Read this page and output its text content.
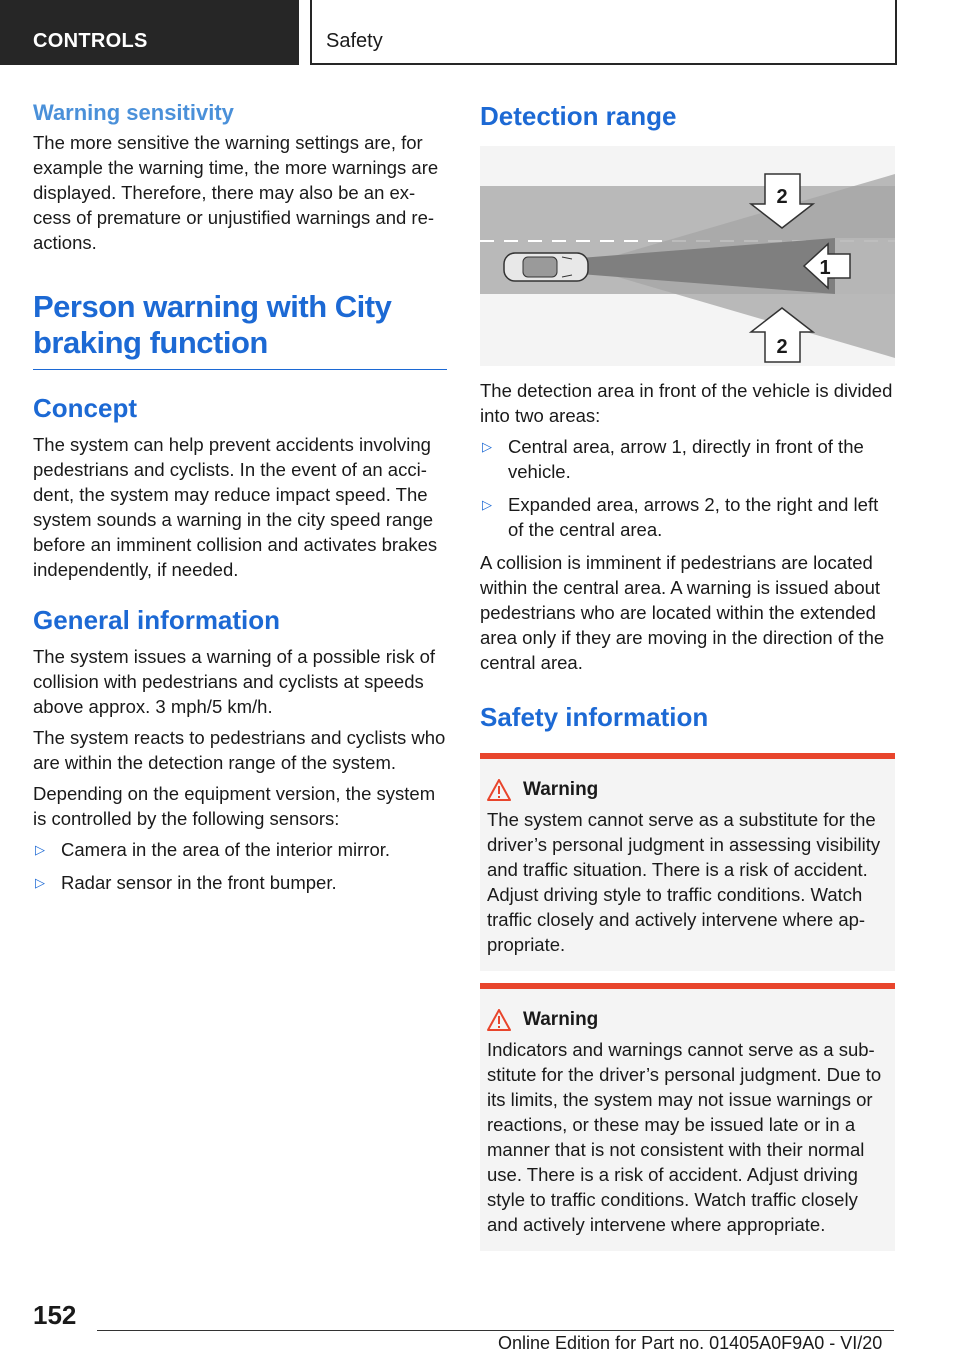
CONTROLS	Safety
Warning sensitivity

The more sensitive the warning settings are, for example the warning time, the more warnings are displayed. Therefore, there may also be an excess of premature or unjustified warnings and reactions.

Person warning with City braking function
Concept

The system can help prevent accidents involving pedestrians and cyclists. In the event of an accident, the system may reduce impact speed. The system sounds a warning in the city speed range before an imminent collision and activates brakes independently, if needed.

General information

The system issues a warning of a possible risk of collision with pedestrians and cyclists at speeds above approx. 3 mph/5 km/h.

The system reacts to pedestrians and cyclists who are within the detection range of the system.

Depending on the equipment version, the system is controlled by the following sensors:

▷ Camera in the area of the interior mirror.
▷ Radar sensor in the front bumper.
Detection range
2
1
2

The detection area in front of the vehicle is divided into two areas:

▷ Central area, arrow 1, directly in front of the vehicle.
▷ Expanded area, arrows 2, to the right and left of the central area.

A collision is imminent if pedestrians are located within the central area. A warning is issued about pedestrians who are located within the extended area only if they are moving in the direction of the central area.

Safety information
Warning

The system cannot serve as a substitute for the driver’s personal judgment in assessing visibility and traffic situation. There is a risk of accident. Adjust driving style to traffic conditions. Watch traffic closely and actively intervene where appropriate.

Warning

Indicators and warnings cannot serve as a substitute for the driver’s personal judgment. Due to its limits, the system may not issue warnings or reactions, or these may be issued late or in a manner that is not consistent with their normal use. There is a risk of accident. Adjust driving style to traffic conditions. Watch traffic closely and actively intervene where appropriate.

152
Online Edition for Part no. 01405A0F9A0 - VI/20
